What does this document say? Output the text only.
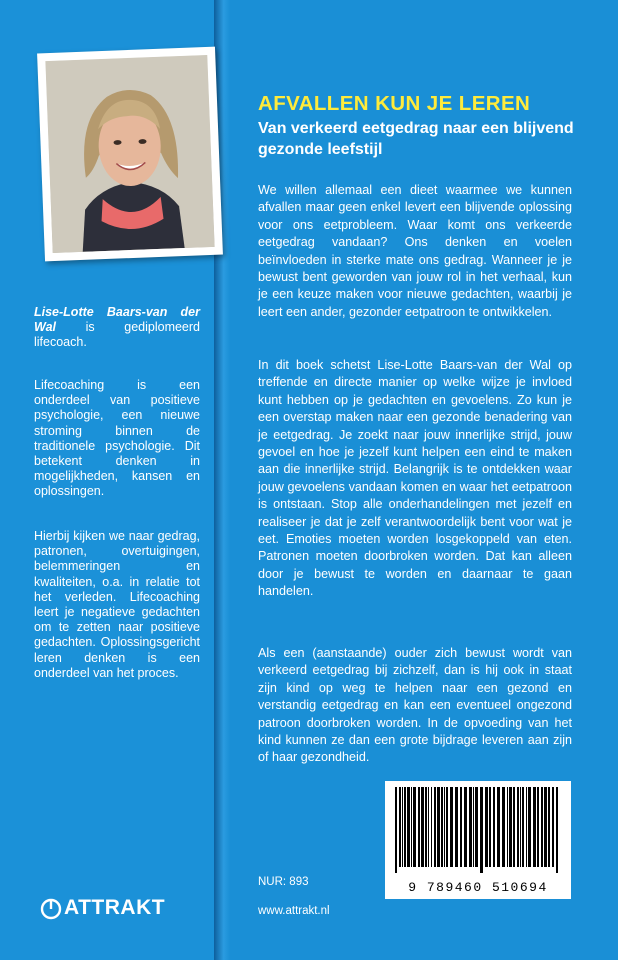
Lise-Lotte Baars-van der Wal is gediplomeerd lifecoach.

Lifecoaching is een onderdeel van positieve psychologie, een nieuwe stroming binnen de traditionele psychologie. Dit betekent denken in mogelijkheden, kansen en oplossingen.

Hierbij kijken we naar gedrag, patronen, overtuigingen, belemmeringen en kwaliteiten, o.a. in relatie tot het verleden. Lifecoaching leert je negatieve gedachten om te zetten naar positieve gedachten. Oplossingsgericht leren denken is een onderdeel van het proces.

ATTRAKT
AFVALLEN KUN JE LEREN
Van verkeerd eetgedrag naar een blijvend gezonde leefstijl

We willen allemaal een dieet waarmee we kunnen afvallen maar geen enkel levert een blijvende oplossing voor ons eetprobleem. Waar komt ons verkeerde eetgedrag vandaan? Ons denken en voelen beïnvloeden in sterke mate ons gedrag. Wanneer je je bewust bent geworden van jouw rol in het verhaal, kun je een keuze maken voor nieuwe gedachten, waarbij je leert een ander, gezonder eetpatroon te ontwikkelen.

In dit boek schetst Lise-Lotte Baars-van der Wal op treffende en directe manier op welke wijze je invloed kunt hebben op je gedachten en gevoelens. Zo kun je een overstap maken naar een gezonde benadering van je eetgedrag. Je zoekt naar jouw innerlijke strijd, jouw gevoel en hoe je jezelf kunt helpen een eind te maken aan die innerlijke strijd. Belangrijk is te ontdekken waar jouw gevoelens vandaan komen en waar het eetpatroon is ontstaan. Stop alle onderhandelingen met jezelf en realiseer je dat je zelf verantwoordelijk bent voor wat je eet. Emoties moeten worden losgekoppeld van eten. Patronen moeten doorbroken worden. Dat kan alleen door je bewust te worden en daarnaar te gaan handelen.

Als een (aanstaande) ouder zich bewust wordt van verkeerd eetgedrag bij zichzelf, dan is hij ook in staat zijn kind op weg te helpen naar een gezond en verstandig eetgedrag en kan een eventueel ongezond patroon doorbroken worden. In de opvoeding van het kind kunnen ze dan een grote bijdrage leveren aan zijn of haar gezondheid.

9 789460 510694
NUR: 893
www.attrakt.nl
